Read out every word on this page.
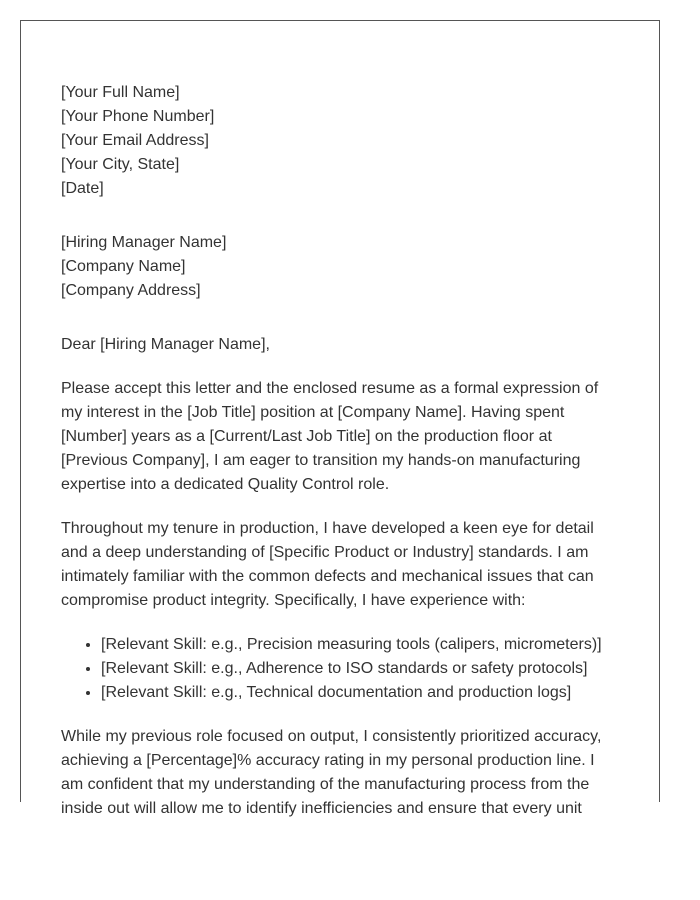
[Your Full Name]
[Your Phone Number]
[Your Email Address]
[Your City, State]
[Date]
[Hiring Manager Name]
[Company Name]
[Company Address]

Dear [Hiring Manager Name],

Please accept this letter and the enclosed resume as a formal expression of my interest in the [Job Title] position at [Company Name]. Having spent [Number] years as a [Current/Last Job Title] on the production floor at [Previous Company], I am eager to transition my hands-on manufacturing expertise into a dedicated Quality Control role.

Throughout my tenure in production, I have developed a keen eye for detail and a deep understanding of [Specific Product or Industry] standards. I am intimately familiar with the common defects and mechanical issues that can compromise product integrity. Specifically, I have experience with:

• [Relevant Skill: e.g., Precision measuring tools (calipers, micrometers)]
• [Relevant Skill: e.g., Adherence to ISO standards or safety protocols]
• [Relevant Skill: e.g., Technical documentation and production logs]

While my previous role focused on output, I consistently prioritized accuracy, achieving a [Percentage]% accuracy rating in my personal production line. I am confident that my understanding of the manufacturing process from the inside out will allow me to identify inefficiencies and ensure that every unit
